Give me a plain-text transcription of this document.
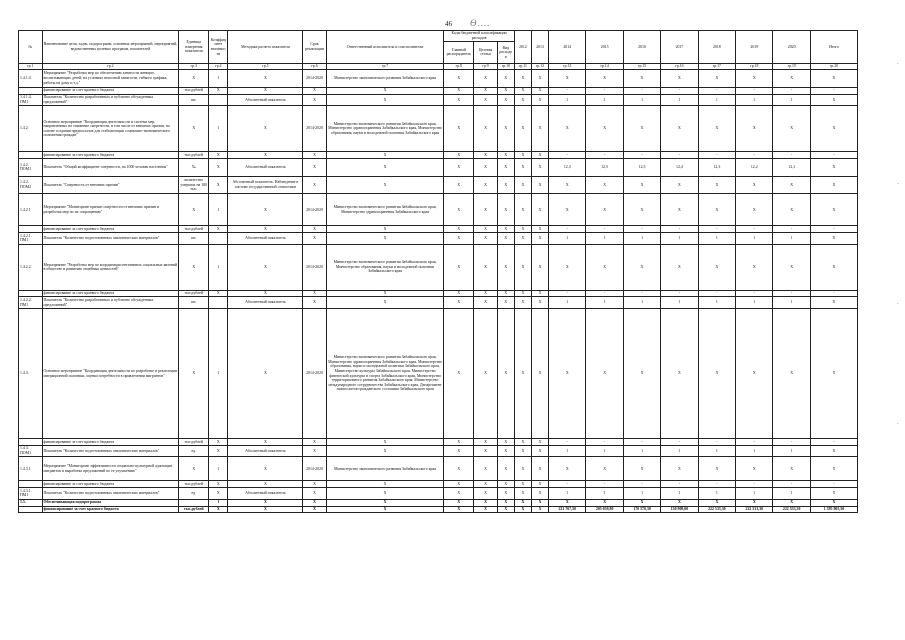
46 Ѳ....
·
⸱
·
·
№	Наименование цели, задач, подпрограмм, основных мероприятий, мероприятий, ведомственных целевых программ, показателей	Единица измерения показателя	Коэффициент значимости	Методика расчета показателя	Срок реализации	Ответственный исполнитель и соисполнители	Коды бюджетной классификации расходов			2012	2013	2014	2015	2016	2017	2018	2019	2020	Итого
							Главный распорядитель	Целевая статья	Вид расходов										
гр.1	гр.2	гр.3	гр.4	гр.5	гр.6	гр.7	гр.8	гр.9	гр.10	гр.11	гр.12	гр.13	гр.14	гр.15	гр.16	гр.17	гр.18	гр.19	гр.20
1.4.1.4	Мероприятие "Разработка мер по обеспечению занятости женщин, воспитывающих детей, на условиях неполной занятости, гибкого графика, работы на дому и т.д."	X	1	X	2014-2020	Министерство экономического развития Забайкальского края	X	X	X	X	X	X	X	X	X	X	X	X	X
	финансирование за счет краевого бюджета	тыс.рублей	X	X	X	X	X	X	X	X	X	-	-	-	-	-	-	-	-
1.4.1.4. ПМ1	Показатель "Количество разработанных и публично обсужденных предложений"	шт.		Абсолютный показатель	X	X	X	X	X	X	X	1	1	1	1	1	1	1	X
1.4.2.	Основное мероприятие "Координация деятельности и система мер, направленных на снижение смертности, в том числе от внешних причин, на основе создания предпосылок для стабилизации социально-экономического положения граждан"	X	1	X	2014-2020	Министерство экономического развития Забайкальского края, Министерство здравоохранения Забайкальского края, Министерство образования, науки и молодежной политики Забайкальского края	X	X	X	X	X	X	X	X	X	X	X	X	X
	финансирование за счет краевого бюджета	тыс.рублей	X	X	X	X	X	X	X	X	X	-	-	-	-	-	-	-	-
1.4.2. ПОМ1	Показатель "Общий коэффициент смертности, на 1000 человек населения"	‰	X	Абсолютный показатель	X	X	X	X	X	X	X	12,3	12,5	12,5	12,4	12,3	12,2	12,1	X
1.4.2. ПОМ2	Показатель "Смертность от внешних причин"	количество умерших на 100 тыс.	X	Абсолютный показатель. Наблюдение в системе государственной статистики	X	X	X	X	X	X	X	X	X	X	X	X	X	X	X
1.4.2.1	Мероприятие "Мониторинг причин смертности от внешних причин и разработка мер по их сокращению"	X	1	X	2014-2020	Министерство экономического развития Забайкальского края, Министерство здравоохранения Забайкальского края	X	X	X	X	X	X	X	X	X	X	X	X	X
	финансирование за счет краевого бюджета	тыс.рублей	X	X	X	X	X	X	X	X	X	-	-	-	-	-	-	-	-
1.4.2.1. ПМ1	Показатель "Количество подготовленных аналитических материалов"	шт.		Абсолютный показатель	X	X	X	X	X	X	X	1	1	1	1	1	1	1	X
1.4.2.2	Мероприятие "Разработка мер по координации негативных социальных явлений в обществе и развитию семейных ценностей"	X	1	X	2014-2020	Министерство экономического развития Забайкальского края, Министерство образования, науки и молодежной политики Забайкальского края	X	X	X	X	X	X	X	X	X	X	X	X	X
	финансирование за счет краевого бюджета	тыс.рублей	X	X	X	X	X	X	X	X	X	-	-	-	-	-	-	-	-
1.4.2.2. ПМ1	Показатель "Количество разработанных и публично обсужденных предложений"	шт.		Абсолютный показатель	X	X	X	X	X	X	X	1	1	1	1	1	1	1	X
1.4.3.	Основное мероприятие "Координация деятельности по разработке и реализации миграционной политики, оценка потребности в привлечении мигрантов"	X	1	X	2014-2020	Министерство экономического развития Забайкальского края, Министерство здравоохранения Забайкальского края, Министерство образования, науки и молодежной политики Забайкальского края, Министерство культуры Забайкальского края, Министерство физической культуры и спорта Забайкальского края, Министерство территориального развития Забайкальского края, Министерство международного сотрудничества Забайкальского края, Департамент записи актов гражданского состояния Забайкальского края	X	X	X	X	X	X	X	X	X	X	X	X	X
	финансирование за счет краевого бюджета	тыс.рублей	X	X	X	X	X	X	X	X	X	-	-	-	-	-	-	-	-
1.4.3. ПОМ1	Показатель "Количество подготовленных аналитических материалов"	ед.	X	Абсолютный показатель	X	X	X	X	X	X	X	1	1	1	1	1	1	1	X
1.4.3.1	Мероприятие "Мониторинг эффективности социально-культурной адаптации мигрантов и выработка предложений по ее улучшению"	X	1	X	2014-2020	Министерство экономического развития Забайкальского края	X	X	X	X	X	X	X	X	X	X	X	X	X
	финансирование за счет краевого бюджета	тыс.рублей	X	X	X	X	X	X	X	X	X	-	-	-	-	-	-	-	-
1.4.3.1. ПМ1	Показатель "Количество подготовленных аналитических материалов"	ед.	X	Абсолютный показатель	X	X	X	X	X	X	X	1	1	1	1	1	1	1	X
1.5.	Обеспечивающая подпрограмма		1	X	X	X	X	X	X	X	X	X	X	X	X	X	X	X	X
	финансирование за счет краевого бюджета	тыс.рублей	X	X	X	X	X	X	X	X	X	221 767,50	205 059,80	170 570,30	130 908,00	222 533,30	222 533,30	222 533,30	1 395 905,50
